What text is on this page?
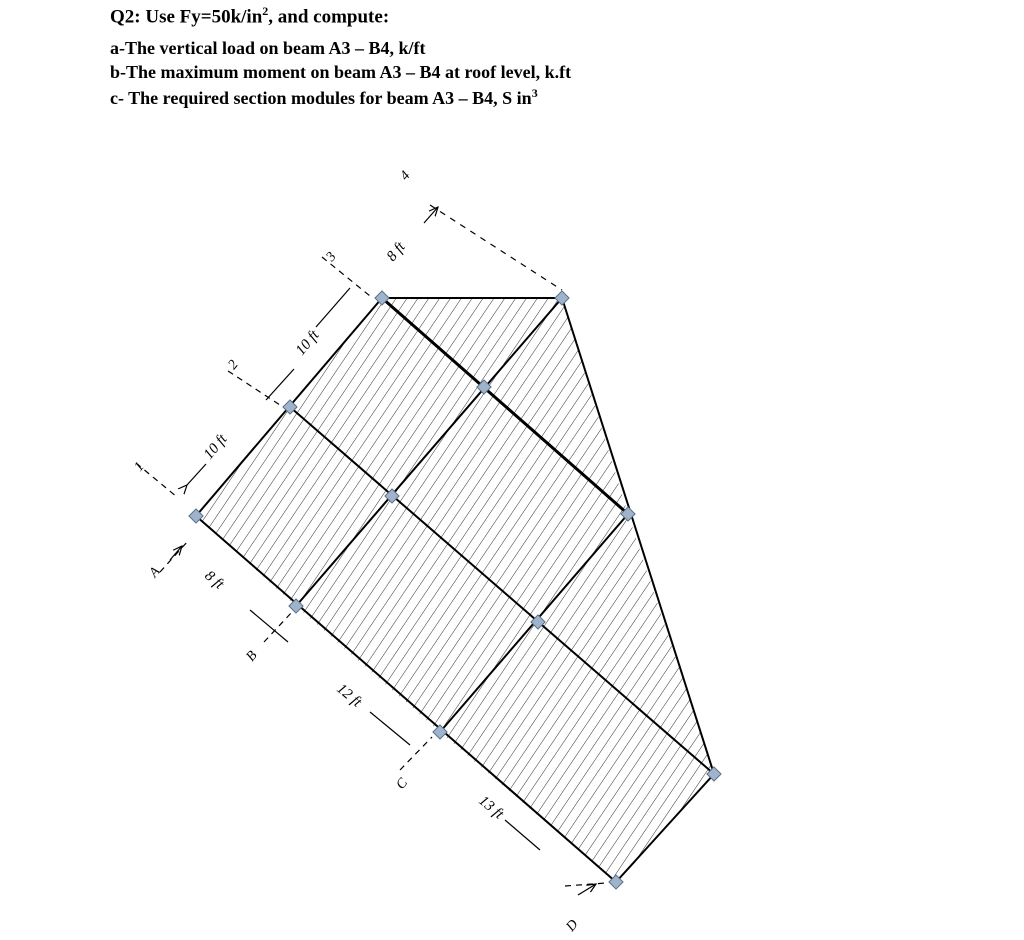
Q2: Use $Fy=50k/in^2$, and compute:
a-The vertical load on beam A3 – B4, k/ft
b-The maximum moment on beam A3 – B4 at roof level, k.ft
c- The required section modules for beam A3 – B4, S $in^3$
1
2
3
4
A
B
C
D
10 ft
10 ft
8 ft
8 ft
12 ft
13 ft
